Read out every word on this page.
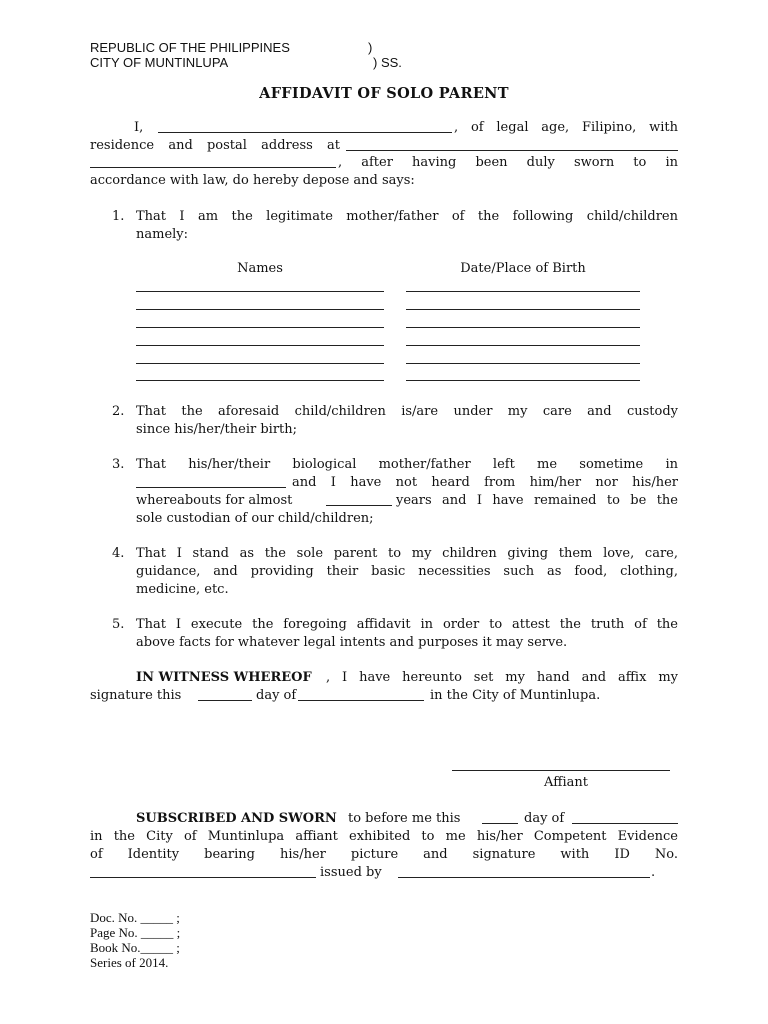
REPUBLIC OF THE PHILIPPINES	)
CITY OF MUNTINLUPA	) SS.
AFFIDAVIT OF SOLO PARENT
I,	, of legal age, Filipino, with
residence and postal address at
, after having been duly sworn to in
accordance with law, do hereby depose and says:
1. That I am the legitimate mother/father of the following child/children
namely:
Names	Date/Place of Birth
2. That the aforesaid child/children is/are under my care and custody
since his/her/their birth;
3. That his/her/their biological mother/father left me sometime in
and I have not heard from him/her nor his/her
whereabouts for almost	years and I have remained to be the
sole custodian of our child/children;
4. That I stand as the sole parent to my children giving them love, care,
guidance, and providing their basic necessities such as food, clothing,
medicine, etc.
5. That I execute the foregoing affidavit in order to attest the truth of the
above facts for whatever legal intents and purposes it may serve.
IN WITNESS WHEREOF , I have hereunto set my hand and affix my
signature this	day of	in the City of Muntinlupa.
Affiant
SUBSCRIBED AND SWORN to before me this	day of
in the City of Muntinlupa affiant exhibited to me his/her Competent Evidence
of Identity bearing his/her picture and signature with ID No.
issued by	.
Doc. No. _____ ;
Page No. _____ ;
Book No._____ ;
Series of 2014.
